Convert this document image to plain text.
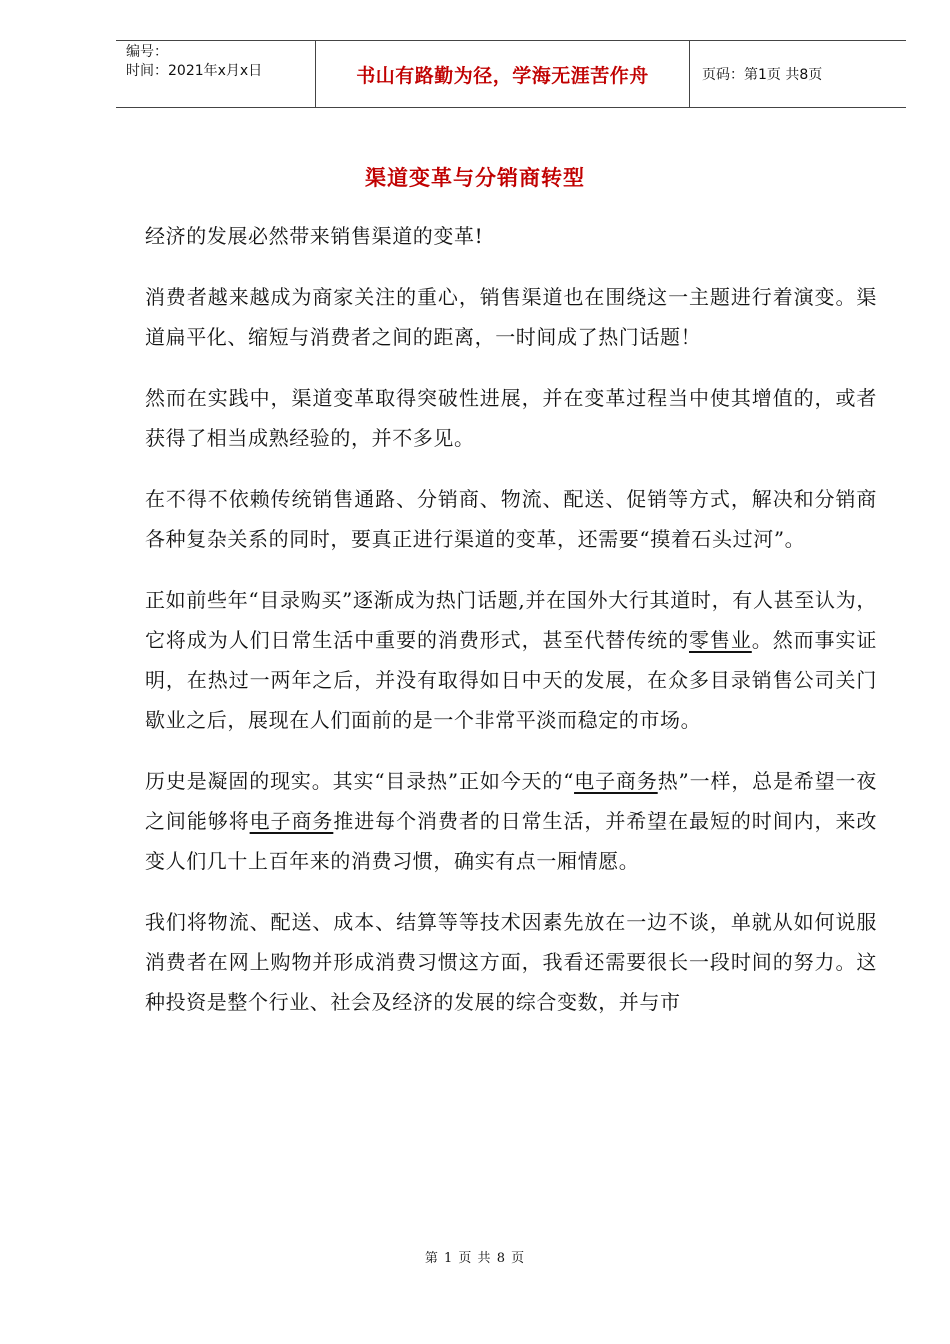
编号：
时间：2021年x月x日	书山有路勤为径，学海无涯苦作舟	页码：第1页 共8页
渠道变革与分销商转型

经济的发展必然带来销售渠道的变革!

消费者越来越成为商家关注的重心，销售渠道也在围绕这一主题进行着演变。渠道扁平化、缩短与消费者之间的距离，一时间成了热门话题！

然而在实践中，渠道变革取得突破性进展，并在变革过程当中使其增值的，或者获得了相当成熟经验的，并不多见。

在不得不依赖传统销售通路、分销商、物流、配送、促销等方式，解决和分销商各种复杂关系的同时，要真正进行渠道的变革，还需要“摸着石头过河”。

正如前些年“目录购买”逐渐成为热门话题,并在国外大行其道时，有人甚至认为，它将成为人们日常生活中重要的消费形式，甚至代替传统的零售业。然而事实证明，在热过一两年之后，并没有取得如日中天的发展，在众多目录销售公司关门歇业之后，展现在人们面前的是一个非常平淡而稳定的市场。

历史是凝固的现实。其实“目录热”正如今天的“电子商务热”一样，总是希望一夜之间能够将电子商务推进每个消费者的日常生活，并希望在最短的时间内，来改变人们几十上百年来的消费习惯，确实有点一厢情愿。

我们将物流、配送、成本、结算等等技术因素先放在一边不谈，单就从如何说服消费者在网上购物并形成消费习惯这方面，我看还需要很长一段时间的努力。这种投资是整个行业、社会及经济的发展的综合变数，并与市

第 1 页 共 8 页
